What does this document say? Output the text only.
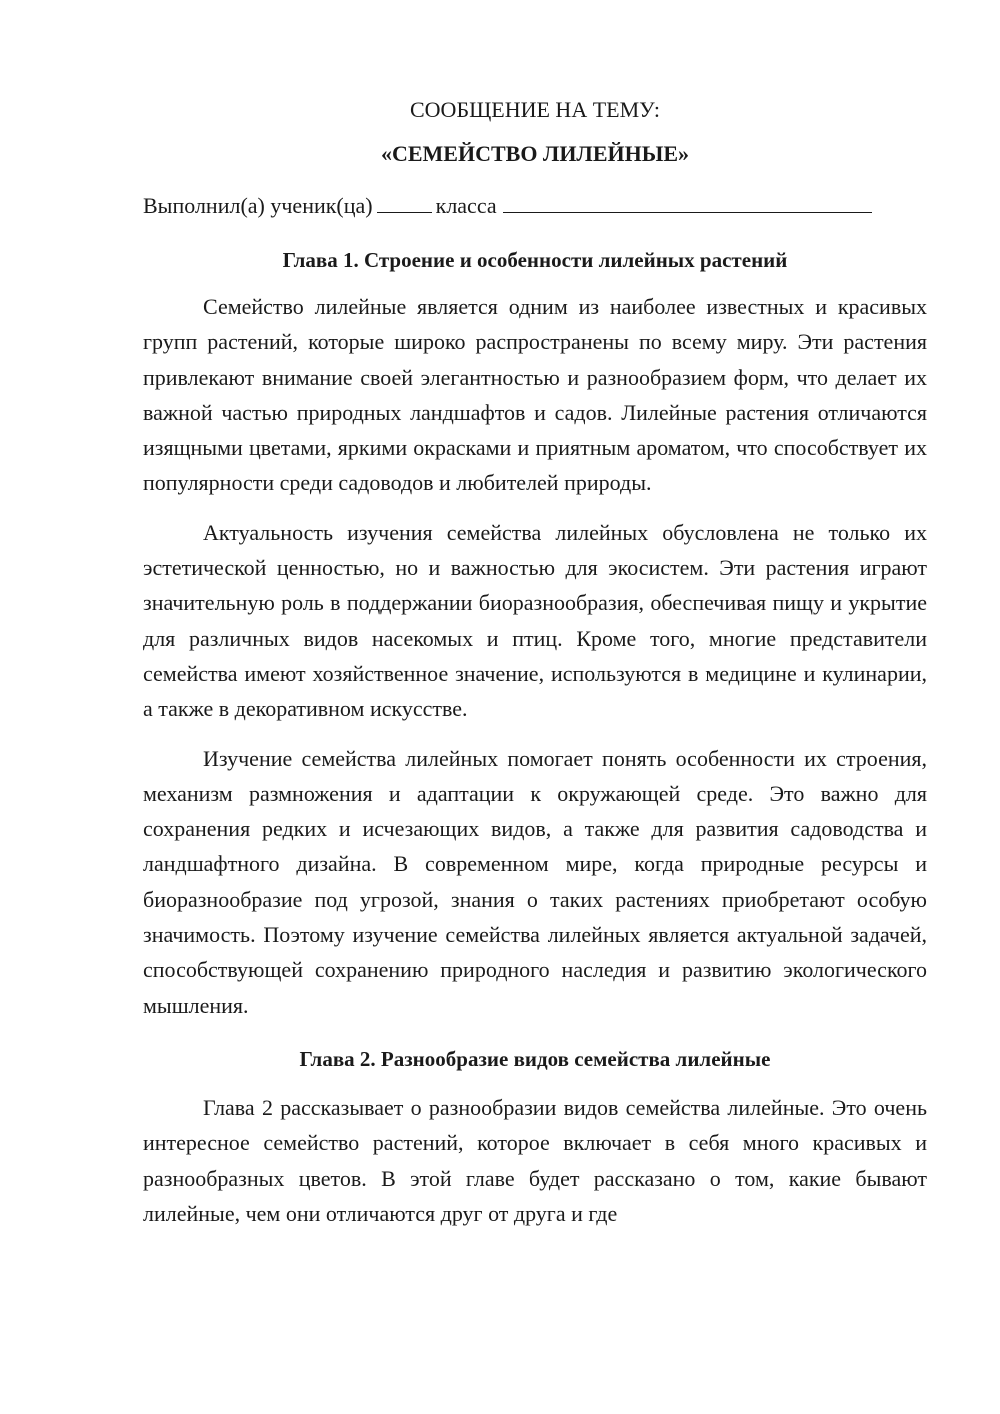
СООБЩЕНИЕ НА ТЕМУ:

«СЕМЕЙСТВО ЛИЛЕЙНЫЕ»

Выполнил(а) ученик(ца)	класса

Глава 1. Строение и особенности лилейных растений

Семейство лилейные является одним из наиболее известных и красивых групп растений, которые широко распространены по всему миру. Эти растения привлекают внимание своей элегантностью и разнообразием форм, что делает их важной частью природных ландшафтов и садов. Лилейные растения отличаются изящными цветами, яркими окрасками и приятным ароматом, что способствует их популярности среди садоводов и любителей природы.

Актуальность изучения семейства лилейных обусловлена не только их эстетической ценностью, но и важностью для экосистем. Эти растения играют значительную роль в поддержании биоразнообразия, обеспечивая пищу и укрытие для различных видов насекомых и птиц. Кроме того, многие представители семейства имеют хозяйственное значение, используются в медицине и кулинарии, а также в декоративном искусстве.

Изучение семейства лилейных помогает понять особенности их строения, механизм размножения и адаптации к окружающей среде. Это важно для сохранения редких и исчезающих видов, а также для развития садоводства и ландшафтного дизайна. В современном мире, когда природные ресурсы и биоразнообразие под угрозой, знания о таких растениях приобретают особую значимость. Поэтому изучение семейства лилейных является актуальной задачей, способствующей сохранению природного наследия и развитию экологического мышления.

Глава 2. Разнообразие видов семейства лилейные

Глава 2 рассказывает о разнообразии видов семейства лилейные. Это очень интересное семейство растений, которое включает в себя много красивых и разнообразных цветов. В этой главе будет рассказано о том, какие бывают лилейные, чем они отличаются друг от друга и где
